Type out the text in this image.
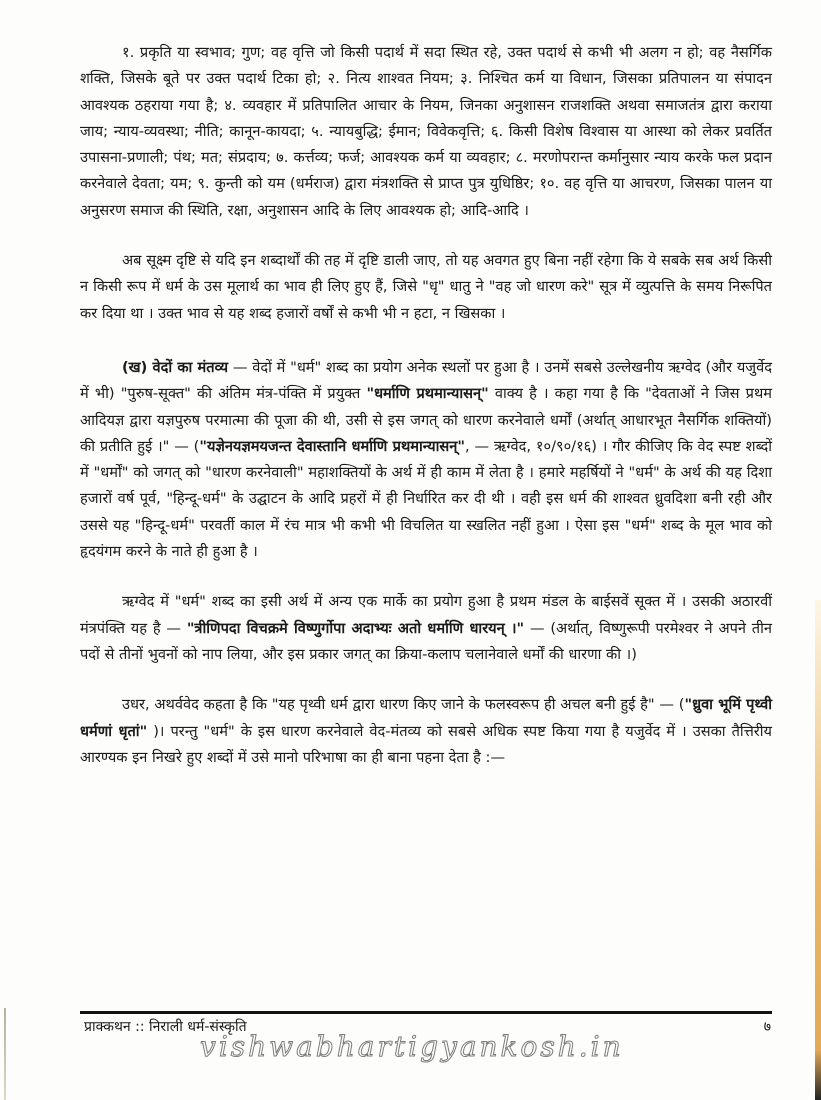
१. प्रकृति या स्वभाव; गुण; वह वृत्ति जो किसी पदार्थ में सदा स्थित रहे, उक्त पदार्थ से कभी भी अलग न हो; वह नैसर्गिक शक्ति, जिसके बूते पर उक्त पदार्थ टिका हो; २. नित्य शाश्वत नियम; ३. निश्चित कर्म या विधान, जिसका प्रतिपालन या संपादन आवश्यक ठहराया गया है; ४. व्यवहार में प्रतिपालित आचार के नियम, जिनका अनुशासन राजशक्ति अथवा समाजतंत्र द्वारा कराया जाय; न्याय-व्यवस्था; नीति; कानून-कायदा; ५. न्यायबुद्धि; ईमान; विवेकवृत्ति; ६. किसी विशेष विश्वास या आस्था को लेकर प्रवर्तित उपासना-प्रणाली; पंथ; मत; संप्रदाय; ७. कर्त्तव्य; फर्ज; आवश्यक कर्म या व्यवहार; ८. मरणोपरान्त कर्मानुसार न्याय करके फल प्रदान करनेवाले देवता; यम; ९. कुन्ती को यम (धर्मराज) द्वारा मंत्रशक्ति से प्राप्त पुत्र युधिष्ठिर; १०. वह वृत्ति या आचरण, जिसका पालन या अनुसरण समाज की स्थिति, रक्षा, अनुशासन आदि के लिए आवश्यक हो; आदि-आदि ।

अब सूक्ष्म दृष्टि से यदि इन शब्दार्थों की तह में दृष्टि डाली जाए, तो यह अवगत हुए बिना नहीं रहेगा कि ये सबके सब अर्थ किसी न किसी रूप में धर्म के उस मूलार्थ का भाव ही लिए हुए हैं, जिसे "धृ" धातु ने "वह जो धारण करे" सूत्र में व्युत्पत्ति के समय निरूपित कर दिया था । उक्त भाव से यह शब्द हजारों वर्षों से कभी भी न हटा, न खिसका ।

(ख) वेदों का मंतव्य — वेदों में "धर्म" शब्द का प्रयोग अनेक स्थलों पर हुआ है । उनमें सबसे उल्लेखनीय ऋग्वेद (और यजुर्वेद में भी) "पुरुष-सूक्त" की अंतिम मंत्र-पंक्ति में प्रयुक्त "धर्माणि प्रथमान्यासन्" वाक्य है । कहा गया है कि "देवताओं ने जिस प्रथम आदियज्ञ द्वारा यज्ञपुरुष परमात्मा की पूजा की थी, उसी से इस जगत् को धारण करनेवाले धर्मों (अर्थात् आधारभूत नैसर्गिक शक्तियों) की प्रतीति हुई ।" — ("यज्ञेनयज्ञमयजन्त देवास्तानि धर्माणि प्रथमान्यासन्", — ऋग्वेद, १०/९०/१६) । गौर कीजिए कि वेद स्पष्ट शब्दों में "धर्मों" को जगत् को "धारण करनेवाली" महाशक्तियों के अर्थ में ही काम में लेता है । हमारे महर्षियों ने "धर्म" के अर्थ की यह दिशा हजारों वर्ष पूर्व, "हिन्दू-धर्म" के उद्घाटन के आदि प्रहरों में ही निर्धारित कर दी थी । वही इस धर्म की शाश्वत ध्रुवदिशा बनी रही और उससे यह "हिन्दू-धर्म" परवर्ती काल में रंच मात्र भी कभी भी विचलित या स्खलित नहीं हुआ । ऐसा इस "धर्म" शब्द के मूल भाव को हृदयंगम करने के नाते ही हुआ है ।

ऋग्वेद में "धर्म" शब्द का इसी अर्थ में अन्य एक मार्के का प्रयोग हुआ है प्रथम मंडल के बाईसवें सूक्त में । उसकी अठारवीं मंत्रपंक्ति यह है — "त्रीणिपदा विचक्रमे विष्णुर्गोपा अदाभ्यः अतो धर्माणि धारयन् ।" — (अर्थात्, विष्णुरूपी परमेश्वर ने अपने तीन पदों से तीनों भुवनों को नाप लिया, और इस प्रकार जगत् का क्रिया-कलाप चलानेवाले धर्मों की धारणा की ।)

उधर, अथर्ववेद कहता है कि "यह पृथ्वी धर्म द्वारा धारण किए जाने के फलस्वरूप ही अचल बनी हुई है" — ("ध्रुवा भूमिं पृथ्वी धर्मणां धृतां" )। परन्तु "धर्म" के इस धारण करनेवाले वेद-मंतव्य को सबसे अधिक स्पष्ट किया गया है यजुर्वेद में । उसका तैत्तिरीय आरण्यक इन निखरे हुए शब्दों में उसे मानो परिभाषा का ही बाना पहना देता है :—

प्राक्कथन :: निराली धर्म-संस्कृति	७
vishwabhartigyankosh.in
